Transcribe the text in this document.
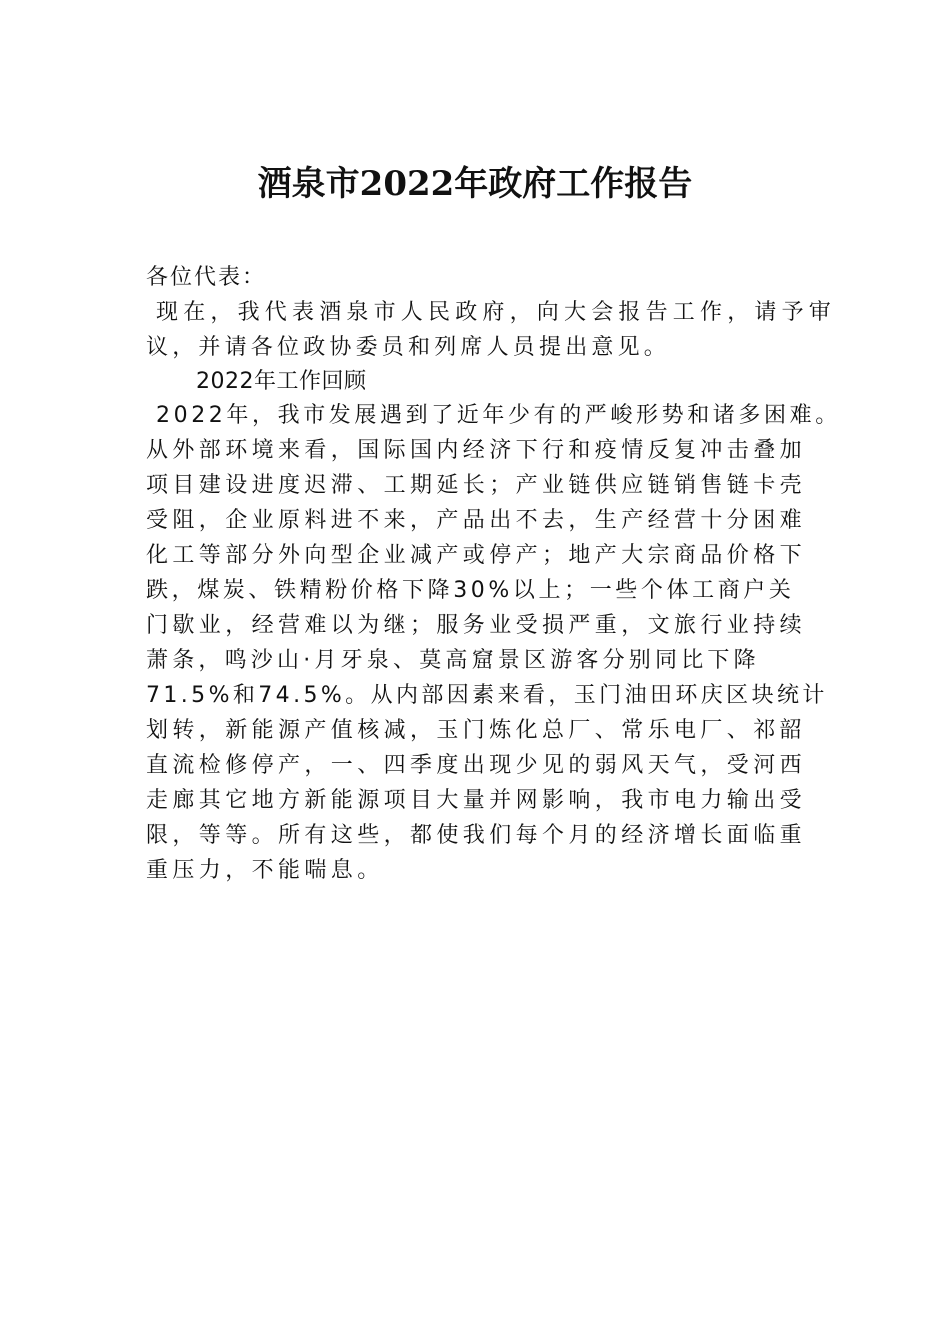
酒泉市2022年政府工作报告
各位代表：
现在，我代表酒泉市人民政府，向大会报告工作，请予审
议，并请各位政协委员和列席人员提出意见。
2022年工作回顾
2022年，我市发展遇到了近年少有的严峻形势和诸多困难。
从外部环境来看，国际国内经济下行和疫情反复冲击叠加
项目建设进度迟滞、工期延长；产业链供应链销售链卡壳
受阻，企业原料进不来，产品出不去，生产经营十分困难
化工等部分外向型企业减产或停产；地产大宗商品价格下
跌，煤炭、铁精粉价格下降30%以上；一些个体工商户关
门歇业，经营难以为继；服务业受损严重，文旅行业持续
萧条，鸣沙山·月牙泉、莫高窟景区游客分别同比下降
71.5%和74.5%。从内部因素来看，玉门油田环庆区块统计
划转，新能源产值核减，玉门炼化总厂、常乐电厂、祁韶
直流检修停产，一、四季度出现少见的弱风天气，受河西
走廊其它地方新能源项目大量并网影响，我市电力输出受
限，等等。所有这些，都使我们每个月的经济增长面临重
重压力，不能喘息。
